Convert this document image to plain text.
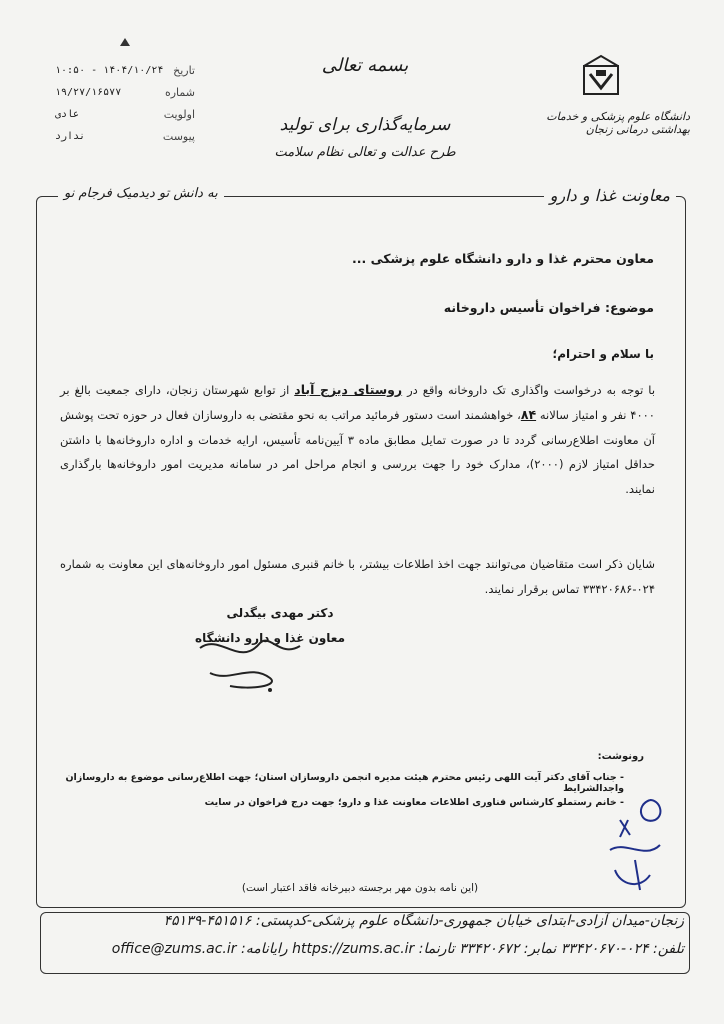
تاریخ
۱۴۰۴/۱۰/۲۴ - ۱۰:۵۰
شماره
۱۹/۲۷/۱۶۵۷۷
اولویت
عادی
پیوست
ندارد
بسمه تعالی
سرمایه‌گذاری برای تولید
طرح عدالت و تعالی نظام سلامت
دانشگاه علوم پزشکی و خدمات بهداشتی درمانی زنجان
معاونت غذا و دارو
به دانش تو دیدمیک فرجام نو
معاون محترم غذا و دارو دانشگاه علوم پزشکی ...
موضوع: فراخوان تأسیس داروخانه
با سلام و احترام؛
با توجه به درخواست واگذاری تک داروخانه واقع در روستای دیزج آباد از توابع شهرستان زنجان، دارای جمعیت بالغ بر ۴۰۰۰ نفر و امتیاز سالانه ۸۴، خواهشمند است دستور فرمائید مراتب به نحو مقتضی به داروسازان فعال در حوزه تحت پوشش آن معاونت اطلاع‌رسانی گردد تا در صورت تمایل مطابق ماده ۳ آیین‌نامه تأسیس، ارایه خدمات و اداره داروخانه‌ها با داشتن حداقل امتیاز لازم (۲۰۰۰)، مدارک خود را جهت بررسی و انجام مراحل امر در سامانه مدیریت امور داروخانه‌ها بارگذاری نمایند.
شایان ذکر است متقاضیان می‌توانند جهت اخذ اطلاعات بیشتر، با خانم قنبری مسئول امور داروخانه‌های این معاونت به شماره ۰۲۴-۳۳۴۲۰۶۸۶ تماس برقرار نمایند.
دکتر مهدی بیگدلی
معاون غذا و دارو دانشگاه
رونوشت:
- جناب آقای دکتر آیت اللهی رئیس محترم هیئت مدیره انجمن داروسازان استان؛ جهت اطلاع‌رسانی موضوع به داروسازان واجدالشرایط
- خانم رستملو کارشناس فناوری اطلاعات معاونت غذا و دارو؛ جهت درج فراخوان در سایت
(این نامه بدون مهر برجسته دبیرخانه فاقد اعتبار است)
زنجان-میدان آزادی-ابتدای خیابان جمهوری-دانشگاه علوم پزشکی-کدپستی: ۴۵۱۵۱۶-۴۵۱۳۹
تلفن: ۰۲۴-۳۳۴۲۰۶۷۰ نمابر: ۳۳۴۲۰۶۷۲ تارنما: https://zums.ac.ir رایانامه: office@zums.ac.ir
